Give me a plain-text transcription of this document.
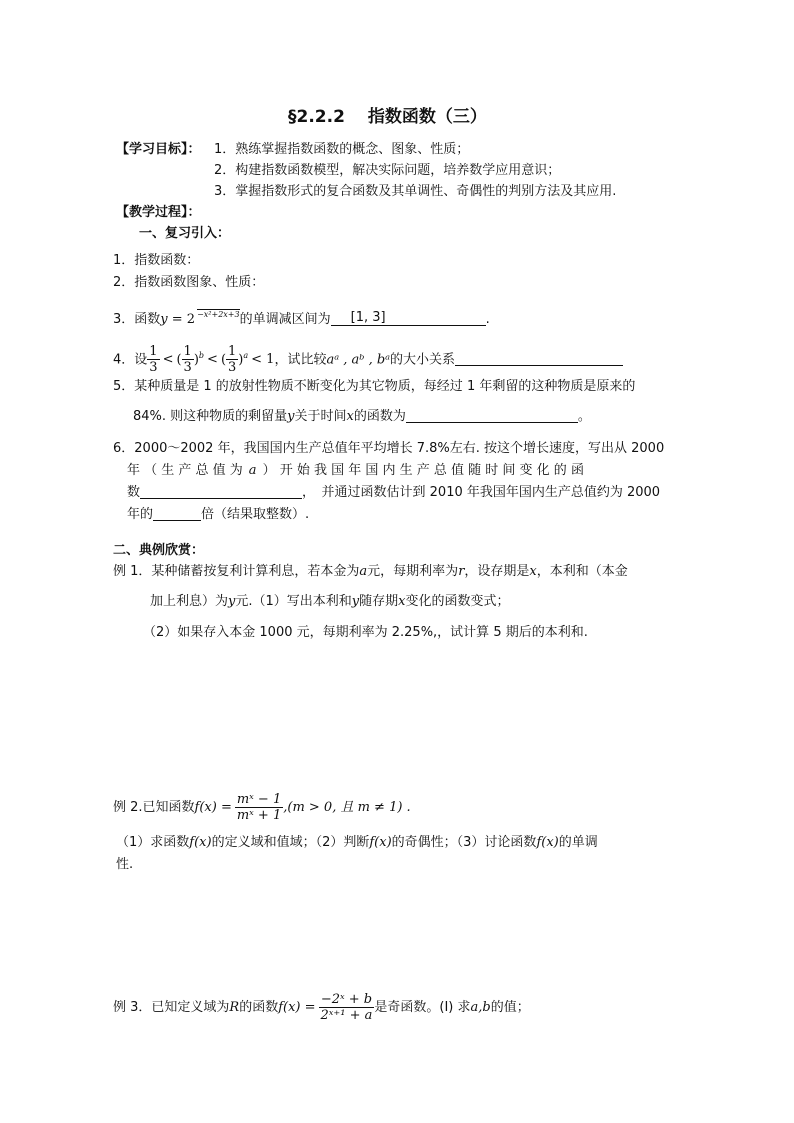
§2.2.2　 指数函数（三）
【学习目标】： 1．熟练掌握指数函数的概念、图象、性质；
2．构建指数函数模型，解决实际问题，培养数学应用意识；
3．掌握指数形式的复合函数及其单调性、奇偶性的判别方法及其应用.
【教学过程】：
一、复习引入：
1．指数函数：
2．指数函数图象、性质：
3．函数y = 2 $^{-x^2+2x+3}$的单调减区间为 [1, 3]	.
4．设 $\frac{1}{3}$ < ( $\frac{1}{3} )^b$ < ( $\frac{1}{3} )^a < 1$，试比较aᵃ , aᵇ , bᵃ的大小关系
5．某种质量是 1 的放射性物质不断变化为其它物质，每经过 1 年剩留的这种物质是原来的
84%. 则这种物质的剩留量y关于时间x的函数为	。
6．2000～2002 年，我国国内生产总值年平均增长 7.8%左右. 按这个增长速度，写出从 2000
年 （ 生 产 总 值 为 a ） 开 始 我 国 年 国 内 生 产 总 值 随 时 间 变 化 的 函
数	，　并通过函数估计到 2010 年我国年国内生产总值约为 2000
年的	倍（结果取整数）.
二、典例欣赏：
例 1．某种储蓄按复利计算利息，若本金为a元，每期利率为r，设存期是x，本利和（本金
加上利息）为y元.（1）写出本利和y随存期x变化的函数变式；
（2）如果存入本金 1000 元，每期利率为 2.25%,，试计算 5 期后的本利和.
例 2.已知函数$f(x) = \frac{\text{mˣ − 1}}{\text{mˣ + 1}} ,(m > 0$, 且 m ≠ 1) .
（1）求函数f(x)的定义域和值域；（2）判断f(x)的奇偶性；（3）讨论函数f(x)的单调
性.
例 3．已知定义域为R的函数$f(x) = \frac{\text{−2ˣ + b}}{\text{2ˣ⁺¹ + a}}$ 是奇函数。(Ⅰ) 求a,b的值；
